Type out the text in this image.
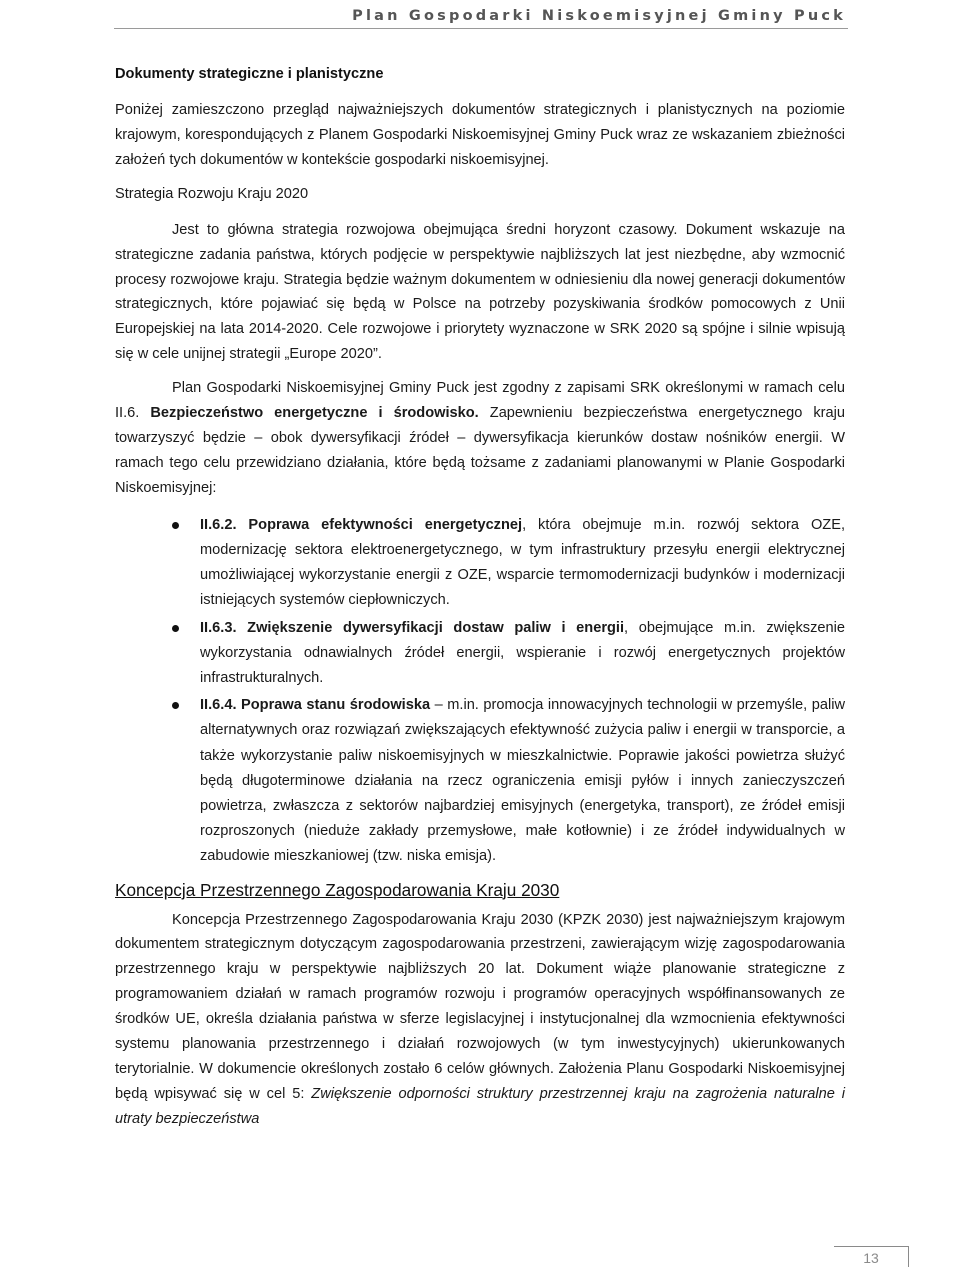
Plan Gospodarki Niskoemisyjnej Gminy Puck
Dokumenty strategiczne i planistyczne

Poniżej zamieszczono przegląd najważniejszych dokumentów strategicznych i planistycznych na poziomie krajowym, korespondujących z Planem Gospodarki Niskoemisyjnej Gminy Puck wraz ze wskazaniem zbieżności założeń tych dokumentów w kontekście gospodarki niskoemisyjnej.

Strategia Rozwoju Kraju 2020

Jest to główna strategia rozwojowa obejmująca średni horyzont czasowy. Dokument wskazuje na strategiczne zadania państwa, których podjęcie w perspektywie najbliższych lat jest niezbędne, aby wzmocnić procesy rozwojowe kraju. Strategia będzie ważnym dokumentem w odniesieniu dla nowej generacji dokumentów strategicznych, które pojawiać się będą w Polsce na potrzeby pozyskiwania środków pomocowych z Unii Europejskiej na lata 2014-2020. Cele rozwojowe i priorytety wyznaczone w SRK 2020 są spójne i silnie wpisują się w cele unijnej strategii „Europe 2020”.

Plan Gospodarki Niskoemisyjnej Gminy Puck jest zgodny z zapisami SRK określonymi w ramach celu II.6. Bezpieczeństwo energetyczne i środowisko. Zapewnieniu bezpieczeństwa energetycznego kraju towarzyszyć będzie – obok dywersyfikacji źródeł – dywersyfikacja kierunków dostaw nośników energii. W ramach tego celu przewidziano działania, które będą tożsame z zadaniami planowanymi w Planie Gospodarki Niskoemisyjnej:

II.6.2. Poprawa efektywności energetycznej, która obejmuje m.in. rozwój sektora OZE, modernizację sektora elektroenergetycznego, w tym infrastruktury przesyłu energii elektrycznej umożliwiającej wykorzystanie energii z OZE, wsparcie termomodernizacji budynków i modernizacji istniejących systemów ciepłowniczych.
II.6.3. Zwiększenie dywersyfikacji dostaw paliw i energii, obejmujące m.in. zwiększenie wykorzystania odnawialnych źródeł energii, wspieranie i rozwój energetycznych projektów infrastrukturalnych.
II.6.4. Poprawa stanu środowiska – m.in. promocja innowacyjnych technologii w przemyśle, paliw alternatywnych oraz rozwiązań zwiększających efektywność zużycia paliw i energii w transporcie, a także wykorzystanie paliw niskoemisyjnych w mieszkalnictwie. Poprawie jakości powietrza służyć będą długoterminowe działania na rzecz ograniczenia emisji pyłów i innych zanieczyszczeń powietrza, zwłaszcza z sektorów najbardziej emisyjnych (energetyka, transport), ze źródeł emisji rozproszonych (nieduże zakłady przemysłowe, małe kotłownie) i ze źródeł indywidualnych w zabudowie mieszkaniowej (tzw. niska emisja).
Koncepcja Przestrzennego Zagospodarowania Kraju 2030

Koncepcja Przestrzennego Zagospodarowania Kraju 2030 (KPZK 2030) jest najważniejszym krajowym dokumentem strategicznym dotyczącym zagospodarowania przestrzeni, zawierającym wizję zagospodarowania przestrzennego kraju w perspektywie najbliższych 20 lat. Dokument wiąże planowanie strategiczne z programowaniem działań w ramach programów rozwoju i programów operacyjnych współfinansowanych ze środków UE, określa działania państwa w sferze legislacyjnej i instytucjonalnej dla wzmocnienia efektywności systemu planowania przestrzennego i działań rozwojowych (w tym inwestycyjnych) ukierunkowanych terytorialnie. W dokumencie określonych zostało 6 celów głównych. Założenia Planu Gospodarki Niskoemisyjnej będą wpisywać się w cel 5: Zwiększenie odporności struktury przestrzennej kraju na zagrożenia naturalne i utraty bezpieczeństwa

13
